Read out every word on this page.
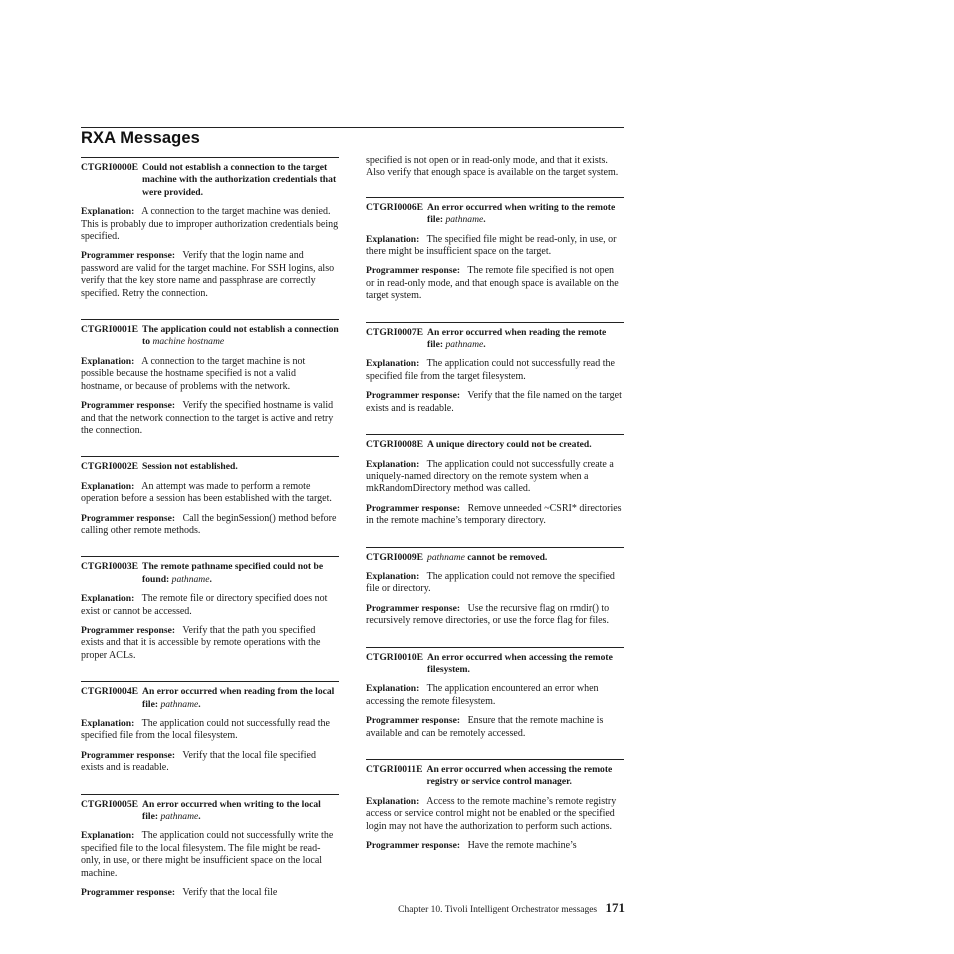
RXA Messages
CTGRI0000E Could not establish a connection to the target machine with the authorization credentials that were provided.

Explanation: A connection to the target machine was denied. This is probably due to improper authorization credentials being specified.

Programmer response: Verify that the login name and password are valid for the target machine. For SSH logins, also verify that the key store name and passphrase are correctly specified. Retry the connection.

CTGRI0001E The application could not establish a connection to machine hostname

Explanation: A connection to the target machine is not possible because the hostname specified is not a valid hostname, or because of problems with the network.

Programmer response: Verify the specified hostname is valid and that the network connection to the target is active and retry the connection.

CTGRI0002E Session not established.

Explanation: An attempt was made to perform a remote operation before a session has been established with the target.

Programmer response: Call the beginSession() method before calling other remote methods.

CTGRI0003E The remote pathname specified could not be found: pathname.

Explanation: The remote file or directory specified does not exist or cannot be accessed.

Programmer response: Verify that the path you specified exists and that it is accessible by remote operations with the proper ACLs.

CTGRI0004E An error occurred when reading from the local file: pathname.

Explanation: The application could not successfully read the specified file from the local filesystem.

Programmer response: Verify that the local file specified exists and is readable.

CTGRI0005E An error occurred when writing to the local file: pathname.

Explanation: The application could not successfully write the specified file to the local filesystem. The file might be read-only, in use, or there might be insufficient space on the local machine.

Programmer response: Verify that the local file

specified is not open or in read-only mode, and that it exists. Also verify that enough space is available on the target system.
CTGRI0006E An error occurred when writing to the remote file: pathname.

Explanation: The specified file might be read-only, in use, or there might be insufficient space on the target.

Programmer response: The remote file specified is not open or in read-only mode, and that enough space is available on the target system.

CTGRI0007E An error occurred when reading the remote file: pathname.

Explanation: The application could not successfully read the specified file from the target filesystem.

Programmer response: Verify that the file named on the target exists and is readable.

CTGRI0008E A unique directory could not be created.

Explanation: The application could not successfully create a uniquely-named directory on the remote system when a mkRandomDirectory method was called.

Programmer response: Remove unneeded ~CSRI* directories in the remote machine’s temporary directory.

CTGRI0009E pathname cannot be removed.

Explanation: The application could not remove the specified file or directory.

Programmer response: Use the recursive flag on rmdir() to recursively remove directories, or use the force flag for files.

CTGRI0010E An error occurred when accessing the remote filesystem.

Explanation: The application encountered an error when accessing the remote filesystem.

Programmer response: Ensure that the remote machine is available and can be remotely accessed.

CTGRI0011E An error occurred when accessing the remote registry or service control manager.

Explanation: Access to the remote machine’s remote registry access or service control might not be enabled or the specified login may not have the authorization to perform such actions.

Programmer response: Have the remote machine’s

Chapter 10. Tivoli Intelligent Orchestrator messages 171
